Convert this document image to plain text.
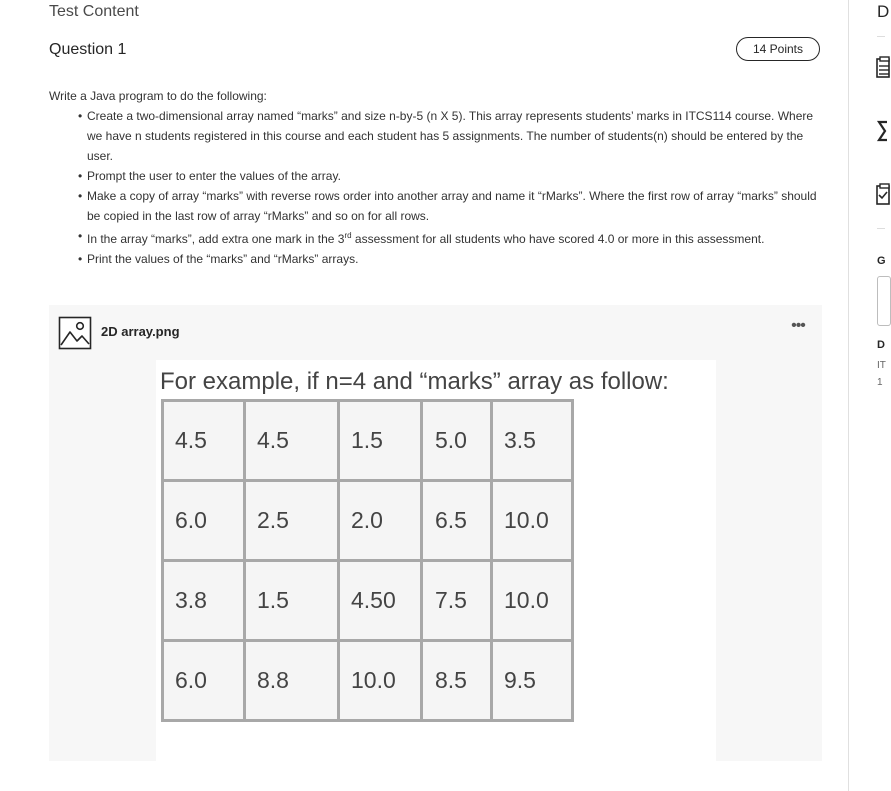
Test Content
Question 1	14 Points

Write a Java program to do the following:

• Create a two-dimensional array named “marks” and size n-by-5 (n X 5). This array represents students’ marks in ITCS114 course. Where we have n students registered in this course and each student has 5 assignments. The number of students(n) should be entered by the user.
• Prompt the user to enter the values of the array.
• Make a copy of array “marks” with reverse rows order into another array and name it “rMarks”. Where the first row of array “marks” should be copied in the last row of array “rMarks” and so on for all rows.
• In the array “marks”, add extra one mark in the 3rd assessment for all students who have scored 4.0 or more in this assessment.
• Print the values of the “marks” and “rMarks” arrays.
2D array.png	•••
For example, if n=4 and “marks” array as follow:
4.5	4.5	1.5	5.0	3.5
6.0	2.5	2.0	6.5	10.0
3.8	1.5	4.50	7.5	10.0
6.0	8.8	10.0	8.5	9.5
D
G
D
IT
1
